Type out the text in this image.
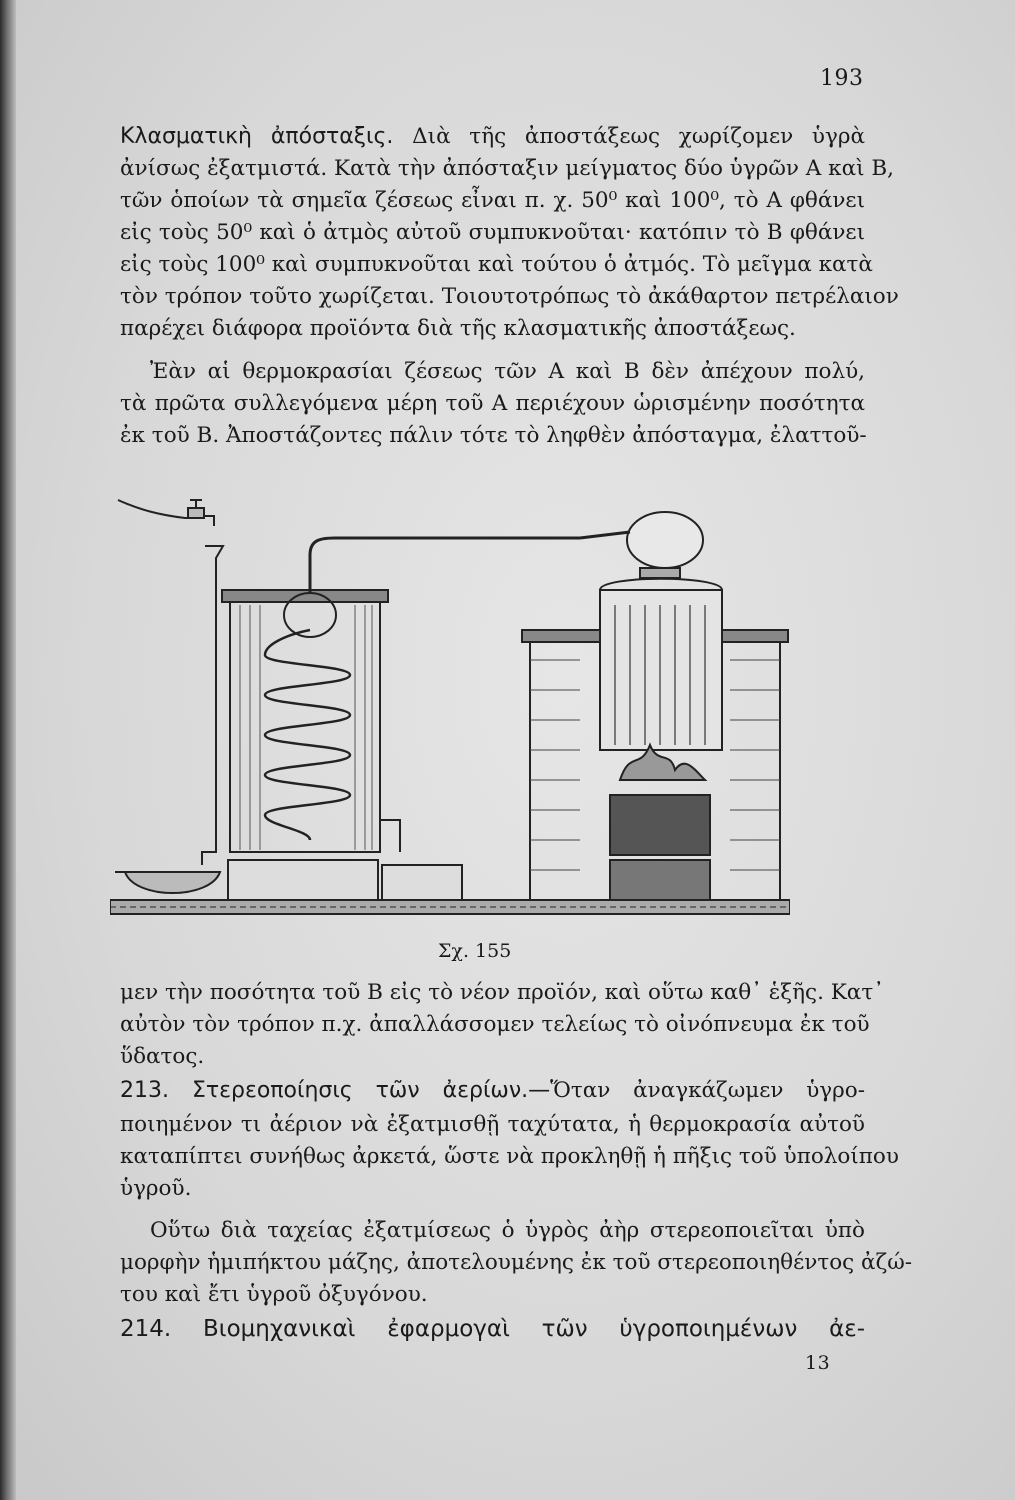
193
Κλασματικὴ ἀπόσταξις. Διὰ τῆς ἀποστάξεως χωρίζομεν ὑγρὰ
ἀνίσως ἐξατμιστά. Κατὰ τὴν ἀπόσταξιν μείγματος δύο ὑγρῶν Α καὶ Β,
τῶν ὁποίων τὰ σημεῖα ζέσεως εἶναι π. χ. 50⁰ καὶ 100⁰, τὸ Α φθάνει
εἰς τοὺς 50⁰ καὶ ὁ ἀτμὸς αὐτοῦ συμπυκνοῦται· κατόπιν τὸ Β φθάνει
εἰς τοὺς 100⁰ καὶ συμπυκνοῦται καὶ τούτου ὁ ἀτμός. Τὸ μεῖγμα κατὰ
τὸν τρόπον τοῦτο χωρίζεται. Τοιουτοτρόπως τὸ ἀκάθαρτον πετρέλαιον
παρέχει διάφορα προϊόντα διὰ τῆς κλασματικῆς ἀποστάξεως.
Ἐὰν αἱ θερμοκρασίαι ζέσεως τῶν Α καὶ Β δὲν ἀπέχουν πολύ,
τὰ πρῶτα συλλεγόμενα μέρη τοῦ Α περιέχουν ὡρισμένην ποσότητα
ἐκ τοῦ Β. Ἀποστάζοντες πάλιν τότε τὸ ληφθὲν ἀπόσταγμα, ἐλαττοῦ-
Σχ. 155
μεν τὴν ποσότητα τοῦ Β εἰς τὸ νέον προϊόν, καὶ οὕτω καθ᾽ ἑξῆς. Κατ᾽
αὐτὸν τὸν τρόπον π.χ. ἀπαλλάσσομεν τελείως τὸ οἰνόπνευμα ἐκ τοῦ
ὕδατος.
213. Στερεοποίησις τῶν ἀερίων.—Ὅταν ἀναγκάζωμεν ὑγρο-
ποιημένον τι ἀέριον νὰ ἐξατμισθῇ ταχύτατα, ἡ θερμοκρασία αὐτοῦ
καταπίπτει συνήθως ἀρκετά, ὥστε νὰ προκληθῇ ἡ πῆξις τοῦ ὑπολοίπου
ὑγροῦ.
Οὕτω διὰ ταχείας ἐξατμίσεως ὁ ὑγρὸς ἀὴρ στερεοποιεῖται ὑπὸ
μορφὴν ἡμιπήκτου μάζης, ἀποτελουμένης ἐκ τοῦ στερεοποιηθέντος ἀζώ-
του καὶ ἔτι ὑγροῦ ὀξυγόνου.
214. Βιομηχανικαὶ ἐφαρμογαὶ τῶν ὑγροποιημένων ἀε-
13
